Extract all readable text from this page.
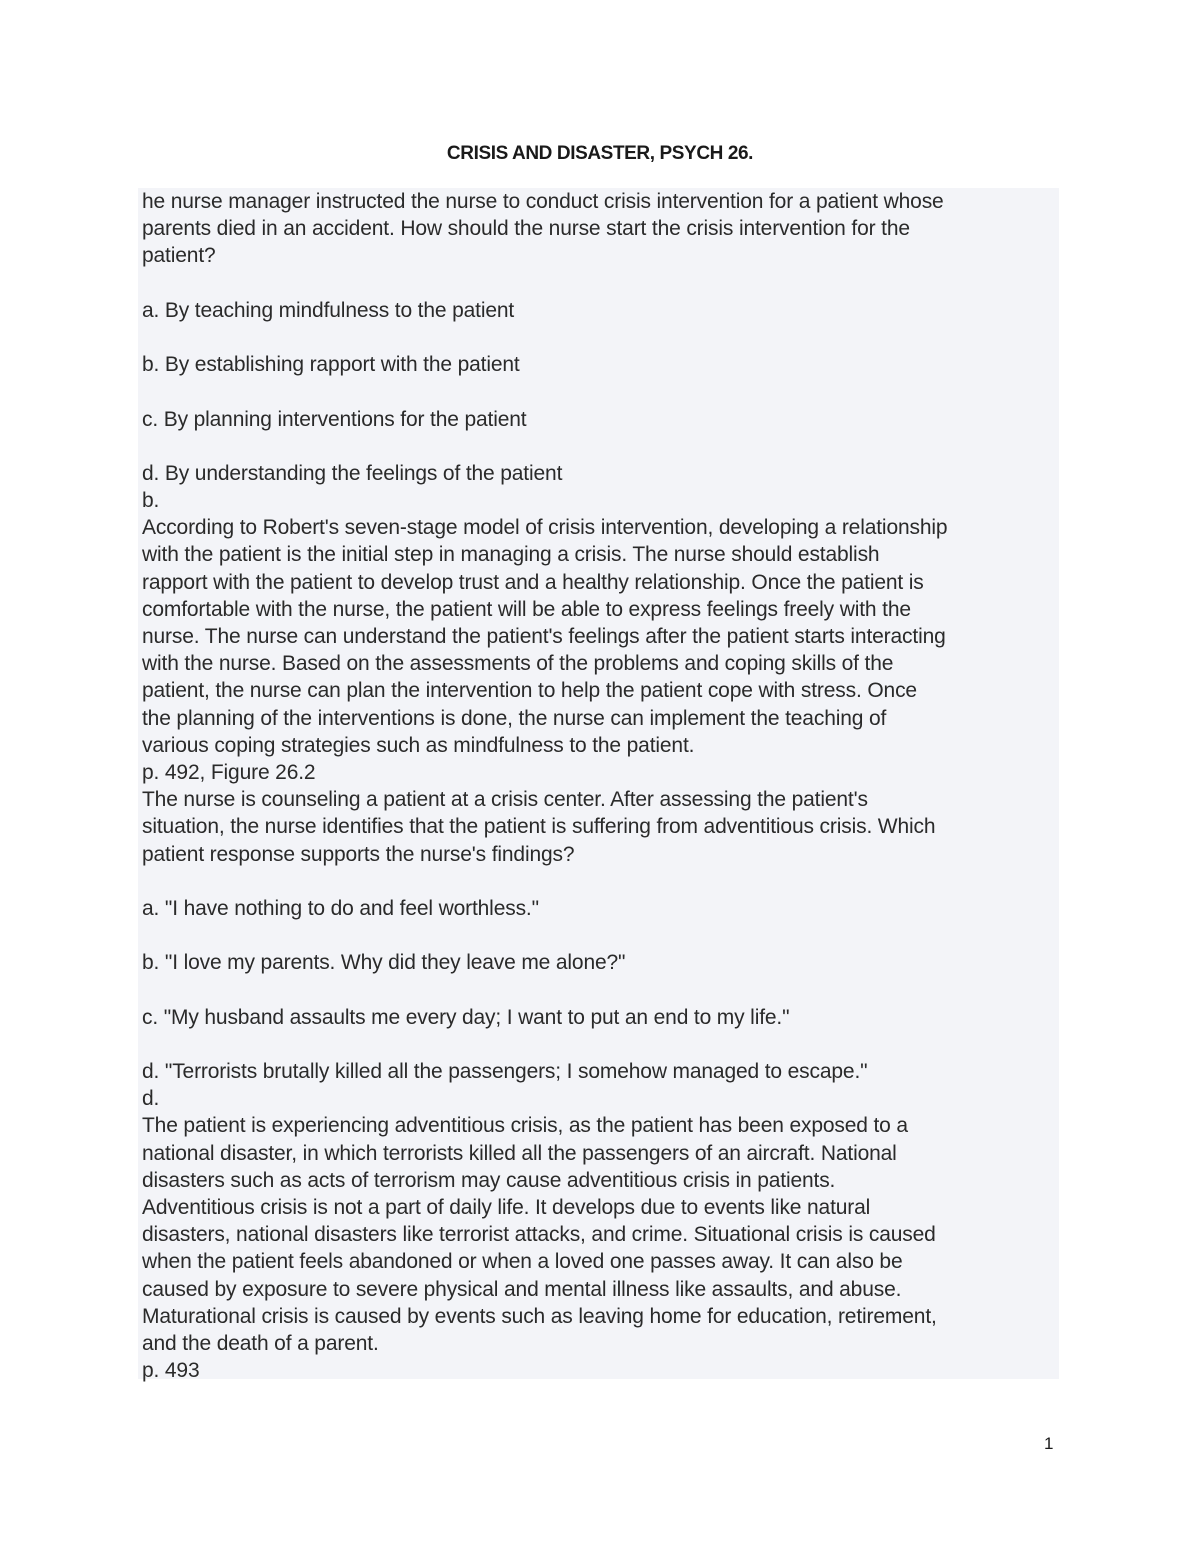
CRISIS AND DISASTER, PSYCH 26.
he nurse manager instructed the nurse to conduct crisis intervention for a patient whose
parents died in an accident. How should the nurse start the crisis intervention for the
patient?
a. By teaching mindfulness to the patient
b. By establishing rapport with the patient
c. By planning interventions for the patient
d. By understanding the feelings of the patient
b.
According to Robert's seven-stage model of crisis intervention, developing a relationship
with the patient is the initial step in managing a crisis. The nurse should establish
rapport with the patient to develop trust and a healthy relationship. Once the patient is
comfortable with the nurse, the patient will be able to express feelings freely with the
nurse. The nurse can understand the patient's feelings after the patient starts interacting
with the nurse. Based on the assessments of the problems and coping skills of the
patient, the nurse can plan the intervention to help the patient cope with stress. Once
the planning of the interventions is done, the nurse can implement the teaching of
various coping strategies such as mindfulness to the patient.
p. 492, Figure 26.2
The nurse is counseling a patient at a crisis center. After assessing the patient's
situation, the nurse identifies that the patient is suffering from adventitious crisis. Which
patient response supports the nurse's findings?
a. "I have nothing to do and feel worthless."
b. "I love my parents. Why did they leave me alone?"
c. "My husband assaults me every day; I want to put an end to my life."
d. "Terrorists brutally killed all the passengers; I somehow managed to escape."
d.
The patient is experiencing adventitious crisis, as the patient has been exposed to a
national disaster, in which terrorists killed all the passengers of an aircraft. National
disasters such as acts of terrorism may cause adventitious crisis in patients.
Adventitious crisis is not a part of daily life. It develops due to events like natural
disasters, national disasters like terrorist attacks, and crime. Situational crisis is caused
when the patient feels abandoned or when a loved one passes away. It can also be
caused by exposure to severe physical and mental illness like assaults, and abuse.
Maturational crisis is caused by events such as leaving home for education, retirement,
and the death of a parent.
p. 493
1
